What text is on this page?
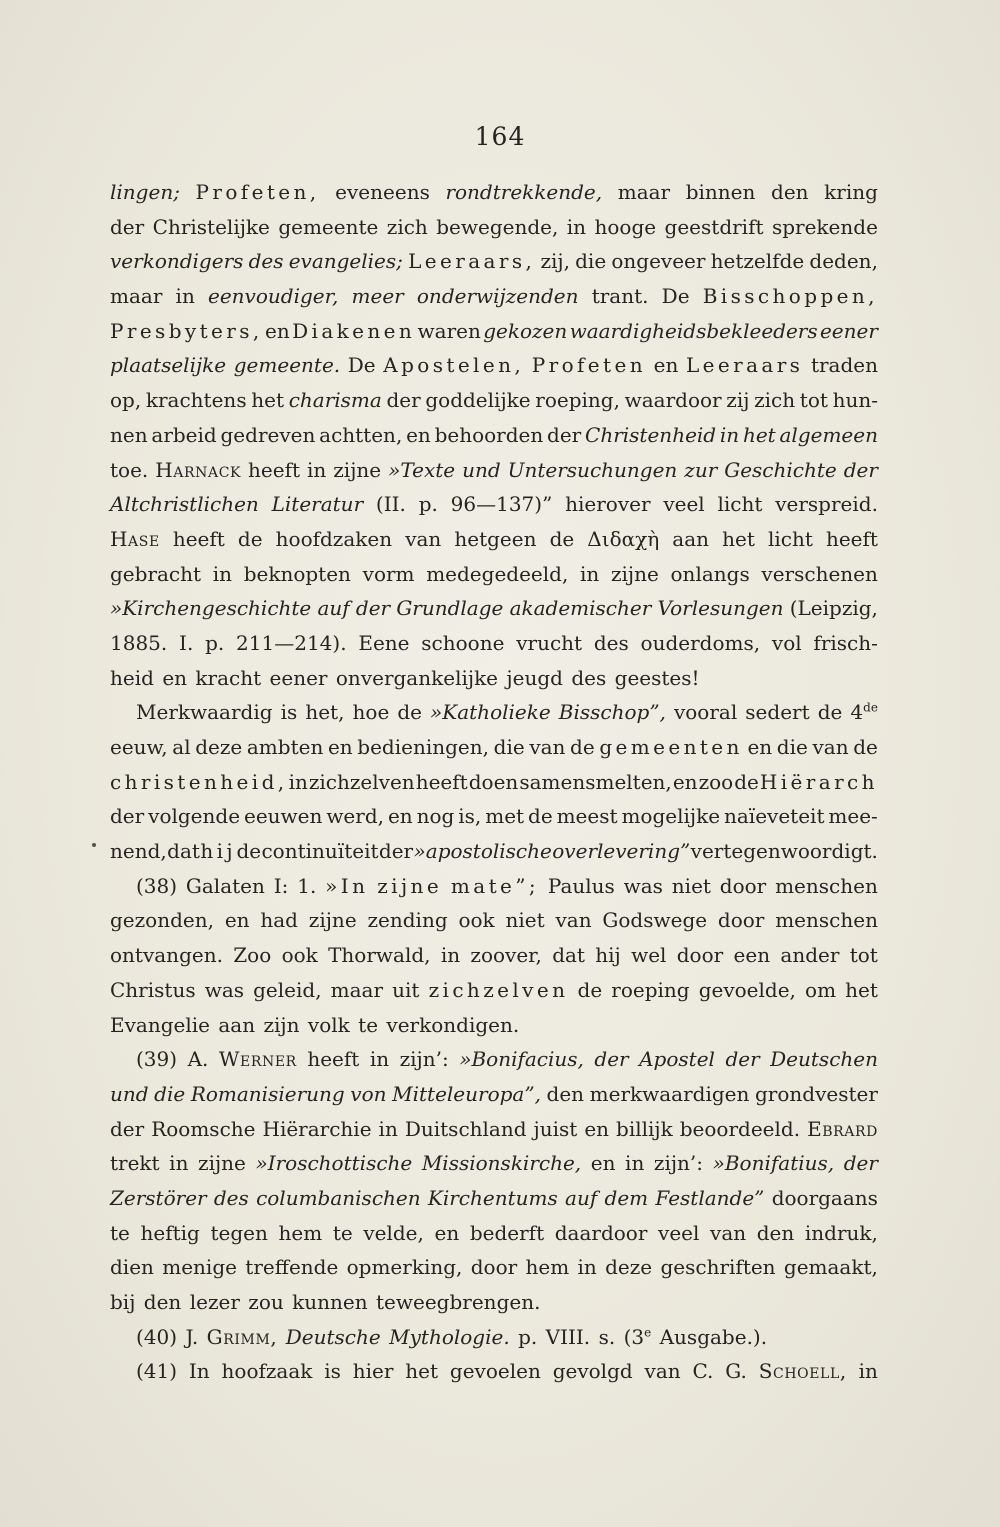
164
lingen; Profeten, eveneens rondtrekkende, maar binnen den kring
der Christelijke gemeente zich bewegende, in hooge geestdrift sprekende
verkondigers des evangelies; Leeraars, zij, die ongeveer hetzelfde deden,
maar in eenvoudiger, meer onderwijzenden trant. De Bisschoppen,
Presbyters, en Diakenen waren gekozen waardigheidsbekleeders eener
plaatselijke gemeente. De Apostelen, Profeten en Leeraars traden
op, krachtens het charisma der goddelijke roeping, waardoor zij zich tot hun-
nen arbeid gedreven achtten, en behoorden der Christenheid in het algemeen
toe. Harnack heeft in zijne »Texte und Untersuchungen zur Geschichte der
Altchristlichen Literatur (II. p. 96—137)” hierover veel licht verspreid.
Hase heeft de hoofdzaken van hetgeen de Διδαχὴ aan het licht heeft
gebracht in beknopten vorm medegedeeld, in zijne onlangs verschenen
»Kirchengeschichte auf der Grundlage akademischer Vorlesungen (Leipzig,
1885. I. p. 211—214). Eene schoone vrucht des ouderdoms, vol frisch-
heid en kracht eener onvergankelijke jeugd des geestes!
Merkwaardig is het, hoe de »Katholieke Bisschop”, vooral sedert de 4de
eeuw, al deze ambten en bedieningen, die van de gemeenten en die van de
christenheid, in zichzelven heeft doen samensmelten, en zoo de Hiërarch
der volgende eeuwen werd, en nog is, met de meest mogelijke naïeveteit mee-
nend, dat hij de continuïteit der »apostolische overlevering” vertegenwoordigt.
(38) Galaten I: 1. »In zijne mate”; Paulus was niet door menschen
gezonden, en had zijne zending ook niet van Godswege door menschen
ontvangen. Zoo ook Thorwald, in zoover, dat hij wel door een ander tot
Christus was geleid, maar uit zichzelven de roeping gevoelde, om het
Evangelie aan zijn volk te verkondigen.
(39) A. Werner heeft in zijn’: »Bonifacius, der Apostel der Deutschen
und die Romanisierung von Mitteleuropa”, den merkwaardigen grondvester
der Roomsche Hiërarchie in Duitschland juist en billijk beoordeeld. Ebrard
trekt in zijne »Iroschottische Missionskirche, en in zijn’: »Bonifatius, der
Zerstörer des columbanischen Kirchentums auf dem Festlande” doorgaans
te heftig tegen hem te velde, en bederft daardoor veel van den indruk,
dien menige treffende opmerking, door hem in deze geschriften gemaakt,
bij den lezer zou kunnen teweegbrengen.
(40) J. Grimm, Deutsche Mythologie. p. VIII. s. (3e Ausgabe.).
(41) In hoofzaak is hier het gevoelen gevolgd van C. G. Schoell, in
